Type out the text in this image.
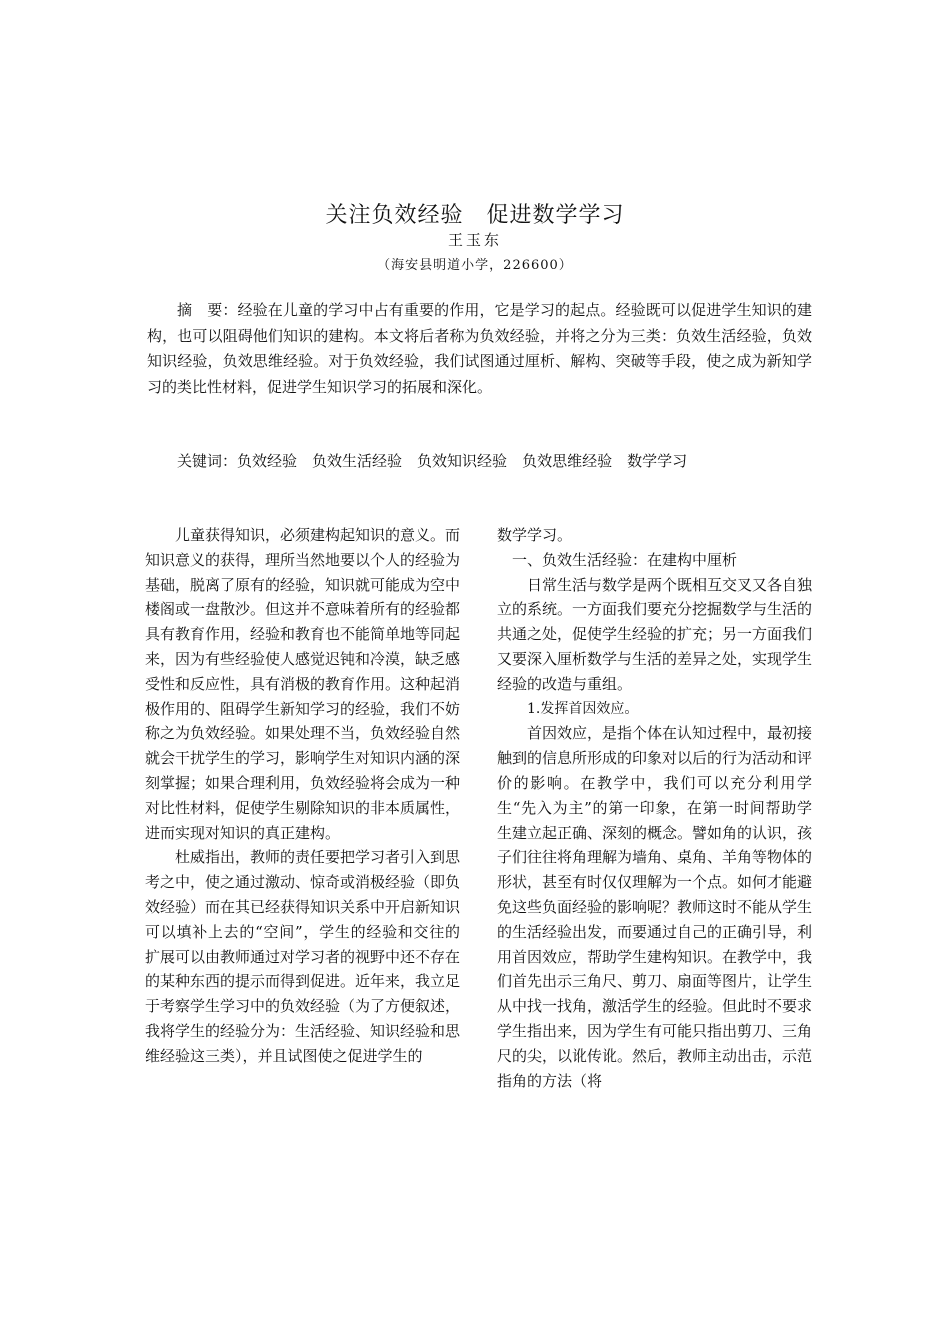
关注负效经验　促进数学学习
王玉东
（海安县明道小学，226600）
摘　要：经验在儿童的学习中占有重要的作用，它是学习的起点。经验既可以促进学生知识的建构，也可以阻碍他们知识的建构。本文将后者称为负效经验，并将之分为三类：负效生活经验，负效知识经验，负效思维经验。对于负效经验，我们试图通过厘析、解构、突破等手段，使之成为新知学习的类比性材料，促进学生知识学习的拓展和深化。
关键词：负效经验 负效生活经验 负效知识经验 负效思维经验 数学学习

儿童获得知识，必须建构起知识的意义。而知识意义的获得，理所当然地要以个人的经验为基础，脱离了原有的经验，知识就可能成为空中楼阁或一盘散沙。但这并不意味着所有的经验都具有教育作用，经验和教育也不能简单地等同起来，因为有些经验使人感觉迟钝和冷漠，缺乏感受性和反应性，具有消极的教育作用。这种起消极作用的、阻碍学生新知学习的经验，我们不妨称之为负效经验。如果处理不当，负效经验自然就会干扰学生的学习，影响学生对知识内涵的深刻掌握；如果合理利用，负效经验将会成为一种对比性材料，促使学生剔除知识的非本质属性，进而实现对知识的真正建构。

杜威指出，教师的责任要把学习者引入到思考之中，使之通过激动、惊奇或消极经验（即负效经验）而在其已经获得知识关系中开启新知识可以填补上去的“空间”，学生的经验和交往的扩展可以由教师通过对学习者的视野中还不存在的某种东西的提示而得到促进。近年来，我立足于考察学生学习中的负效经验（为了方便叙述，我将学生的经验分为：生活经验、知识经验和思维经验这三类），并且试图使之促进学生的

数学学习。

一、负效生活经验：在建构中厘析

日常生活与数学是两个既相互交叉又各自独立的系统。一方面我们要充分挖掘数学与生活的共通之处，促使学生经验的扩充；另一方面我们又要深入厘析数学与生活的差异之处，实现学生经验的改造与重组。

1.发挥首因效应。

首因效应，是指个体在认知过程中，最初接触到的信息所形成的印象对以后的行为活动和评价的影响。在教学中，我们可以充分利用学生“先入为主”的第一印象，在第一时间帮助学生建立起正确、深刻的概念。譬如角的认识，孩子们往往将角理解为墙角、桌角、羊角等物体的形状，甚至有时仅仅理解为一个点。如何才能避免这些负面经验的影响呢？教师这时不能从学生的生活经验出发，而要通过自己的正确引导，利用首因效应，帮助学生建构知识。在教学中，我们首先出示三角尺、剪刀、扇面等图片，让学生从中找一找角，激活学生的经验。但此时不要求学生指出来，因为学生有可能只指出剪刀、三角尺的尖，以讹传讹。然后，教师主动出击，示范指角的方法（将
